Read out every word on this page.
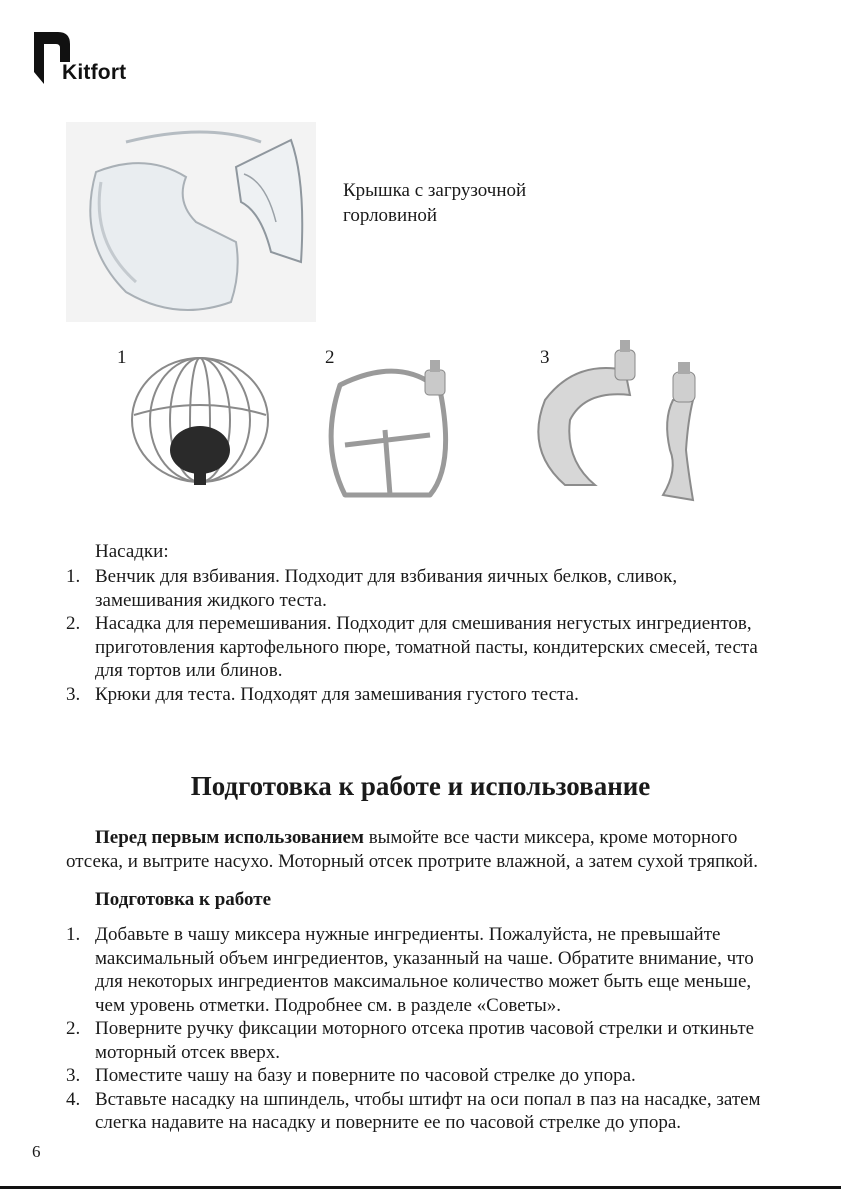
Kitfort
Крышка с загрузочной горловиной
1	2	3
Насадки:
1. Венчик для взбивания. Подходит для взбивания яичных белков, сливок, замешивания жидкого теста.
2. Насадка для перемешивания. Подходит для смешивания негустых ингредиентов, приготовления картофельного пюре, томатной пасты, кондитерских смесей, теста для тортов или блинов.
3. Крюки для теста. Подходят для замешивания густого теста.
Подготовка к работе и использование
Перед первым использованием вымойте все части миксера, кроме моторного отсека, и вытрите насухо. Моторный отсек протрите влажной, а затем сухой тряпкой.
Подготовка к работе
1. Добавьте в чашу миксера нужные ингредиенты. Пожалуйста, не превышайте максимальный объем ингредиентов, указанный на чаше. Обратите внимание, что для некоторых ингредиентов максимальное количество может быть еще меньше, чем уровень отметки. Подробнее см. в разделе «Советы».
2. Поверните ручку фиксации моторного отсека против часовой стрелки и откиньте моторный отсек вверх.
3. Поместите чашу на базу и поверните по часовой стрелке до упора.
4. Вставьте насадку на шпиндель, чтобы штифт на оси попал в паз на насадке, затем слегка надавите на насадку и поверните ее по часовой стрелке до упора.
6
